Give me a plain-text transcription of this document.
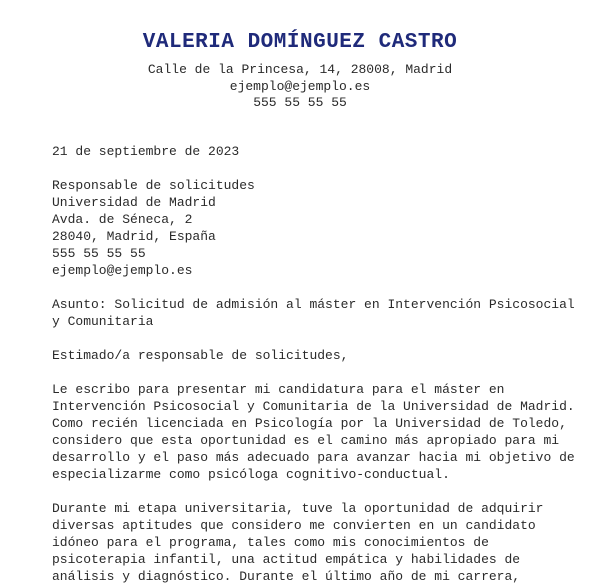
VALERIA DOMÍNGUEZ CASTRO
Calle de la Princesa, 14, 28008, Madrid
ejemplo@ejemplo.es
555 55 55 55
21 de septiembre de 2023
Responsable de solicitudes
Universidad de Madrid
Avda. de Séneca, 2
28040, Madrid, España
555 55 55 55
ejemplo@ejemplo.es
Asunto: Solicitud de admisión al máster en Intervención Psicosocial
y Comunitaria
Estimado/a responsable de solicitudes,
Le escribo para presentar mi candidatura para el máster en
Intervención Psicosocial y Comunitaria de la Universidad de Madrid.
Como recién licenciada en Psicología por la Universidad de Toledo,
considero que esta oportunidad es el camino más apropiado para mi
desarrollo y el paso más adecuado para avanzar hacia mi objetivo de
especializarme como psicóloga cognitivo-conductual.
Durante mi etapa universitaria, tuve la oportunidad de adquirir
diversas aptitudes que considero me convierten en un candidato
idóneo para el programa, tales como mis conocimientos de
psicoterapia infantil, una actitud empática y habilidades de
análisis y diagnóstico. Durante el último año de mi carrera,
